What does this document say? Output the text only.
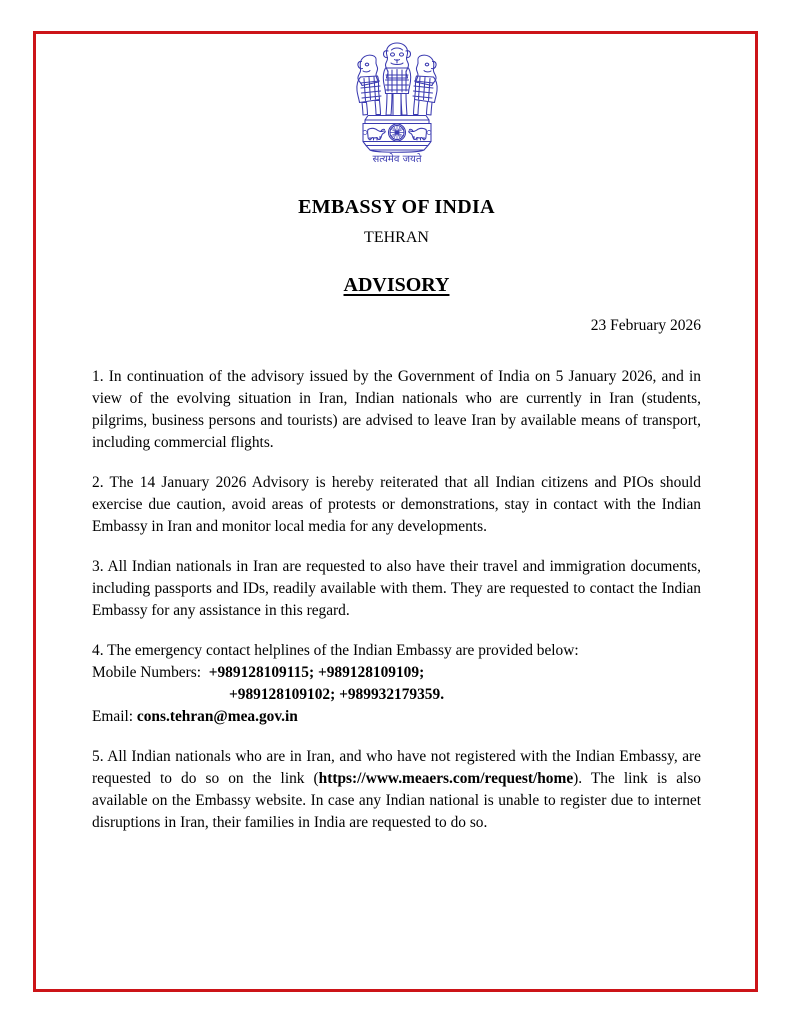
सत्यमेव जयते
EMBASSY OF INDIA
TEHRAN
ADVISORY
23 February 2026

1. In continuation of the advisory issued by the Government of India on 5 January 2026, and in view of the evolving situation in Iran, Indian nationals who are currently in Iran (students, pilgrims, business persons and tourists) are advised to leave Iran by available means of transport, including commercial flights.

2. The 14 January 2026 Advisory is hereby reiterated that all Indian citizens and PIOs should exercise due caution, avoid areas of protests or demonstrations, stay in contact with the Indian Embassy in Iran and monitor local media for any developments.

3. All Indian nationals in Iran are requested to also have their travel and immigration documents, including passports and IDs, readily available with them. They are requested to contact the Indian Embassy for any assistance in this regard.

4. The emergency contact helplines of the Indian Embassy are provided below:
Mobile Numbers: +989128109115; +989128109109;
+989128109102; +989932179359.
Email: cons.tehran@mea.gov.in

5. All Indian nationals who are in Iran, and who have not registered with the Indian Embassy, are requested to do so on the link (https://www.meaers.com/request/home). The link is also available on the Embassy website. In case any Indian national is unable to register due to internet disruptions in Iran, their families in India are requested to do so.
